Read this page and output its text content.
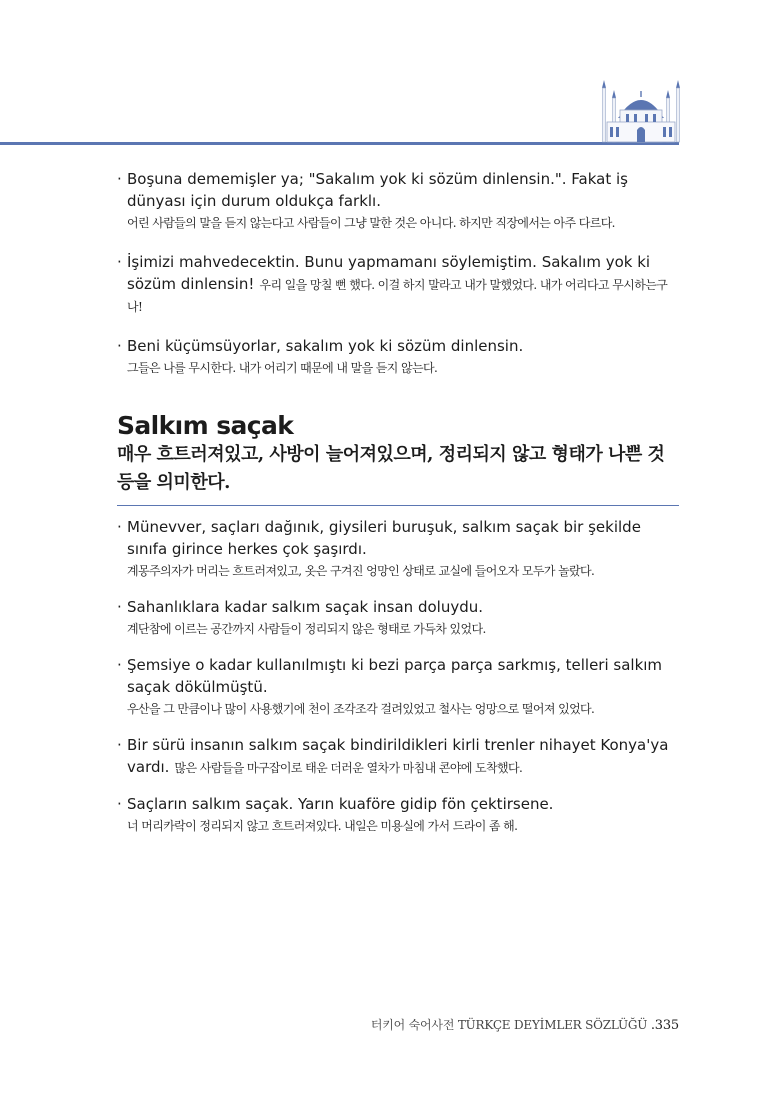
· Boşuna dememişler ya; "Sakalım yok ki sözüm dinlensin.". Fakat iş dünyası için durum oldukça farklı.
어린 사람들의 말을 듣지 않는다고 사람들이 그냥 말한 것은 아니다. 하지만 직장에서는 아주 다르다.
· İşimizi mahvedecektin. Bunu yapmamanı söylemiştim. Sakalım yok ki sözüm dinlensin! 우리 일을 망칠 뻔 했다. 이걸 하지 말라고 내가 말했었다. 내가 어리다고 무시하는구나!
· Beni küçümsüyorlar, sakalım yok ki sözüm dinlensin.
그들은 나를 무시한다. 내가 어리기 때문에 내 말을 듣지 않는다.
Salkım saçak
매우 흐트러져있고, 사방이 늘어져있으며, 정리되지 않고 형태가 나쁜 것 등을 의미한다.
· Münevver, saçları dağınık, giysileri buruşuk, salkım saçak bir şekilde sınıfa girince herkes çok şaşırdı.
계몽주의자가 머리는 흐트러져있고, 옷은 구겨진 엉망인 상태로 교실에 들어오자 모두가 놀랐다.
· Sahanlıklara kadar salkım saçak insan doluydu.
계단참에 이르는 공간까지 사람들이 정리되지 않은 형태로 가득차 있었다.
· Şemsiye o kadar kullanılmıştı ki bezi parça parça sarkmış, telleri salkım saçak dökülmüştü.
우산을 그 만큼이나 많이 사용했기에 천이 조각조각 걸려있었고 철사는 엉망으로 떨어져 있었다.
· Bir sürü insanın salkım saçak bindirildikleri kirli trenler nihayet Konya'ya vardı. 많은 사람들을 마구잡이로 태운 더러운 열차가 마침내 콘야에 도착했다.
· Saçların salkım saçak. Yarın kuaföre gidip fön çektirsene.
너 머리카락이 정리되지 않고 흐트러져있다. 내일은 미용실에 가서 드라이 좀 해.
터키어 숙어사전 TÜRKÇE DEYİMLER SÖZLÜĞÜ .335
